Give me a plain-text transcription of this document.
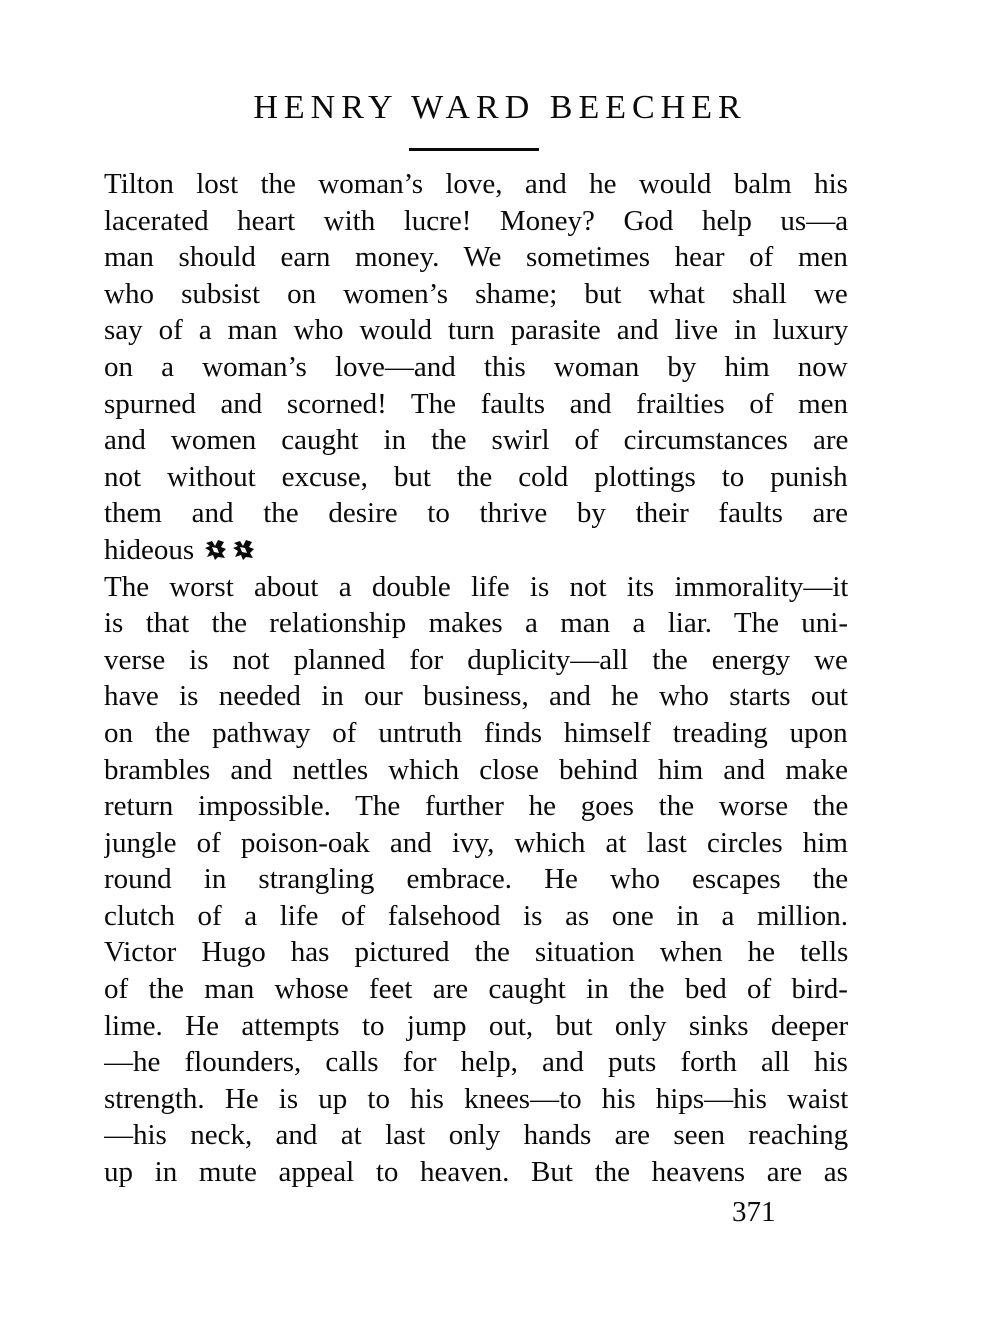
HENRY WARD BEECHER
Tilton lost the woman’s love, and he would balm his
lacerated heart with lucre! Money? God help us—a
man should earn money. We sometimes hear of men
who subsist on women’s shame; but what shall we
say of a man who would turn parasite and live in luxury
on a woman’s love—and this woman by him now
spurned and scorned! The faults and frailties of men
and women caught in the swirl of circumstances are
not without excuse, but the cold plottings to punish
them and the desire to thrive by their faults are
hideous
The worst about a double life is not its immorality—it
is that the relationship makes a man a liar. The uni-
verse is not planned for duplicity—all the energy we
have is needed in our business, and he who starts out
on the pathway of untruth finds himself treading upon
brambles and nettles which close behind him and make
return impossible. The further he goes the worse the
jungle of poison-oak and ivy, which at last circles him
round in strangling embrace. He who escapes the
clutch of a life of falsehood is as one in a million.
Victor Hugo has pictured the situation when he tells
of the man whose feet are caught in the bed of bird-
lime. He attempts to jump out, but only sinks deeper
—he flounders, calls for help, and puts forth all his
strength. He is up to his knees—to his hips—his waist
—his neck, and at last only hands are seen reaching
up in mute appeal to heaven. But the heavens are as
371
